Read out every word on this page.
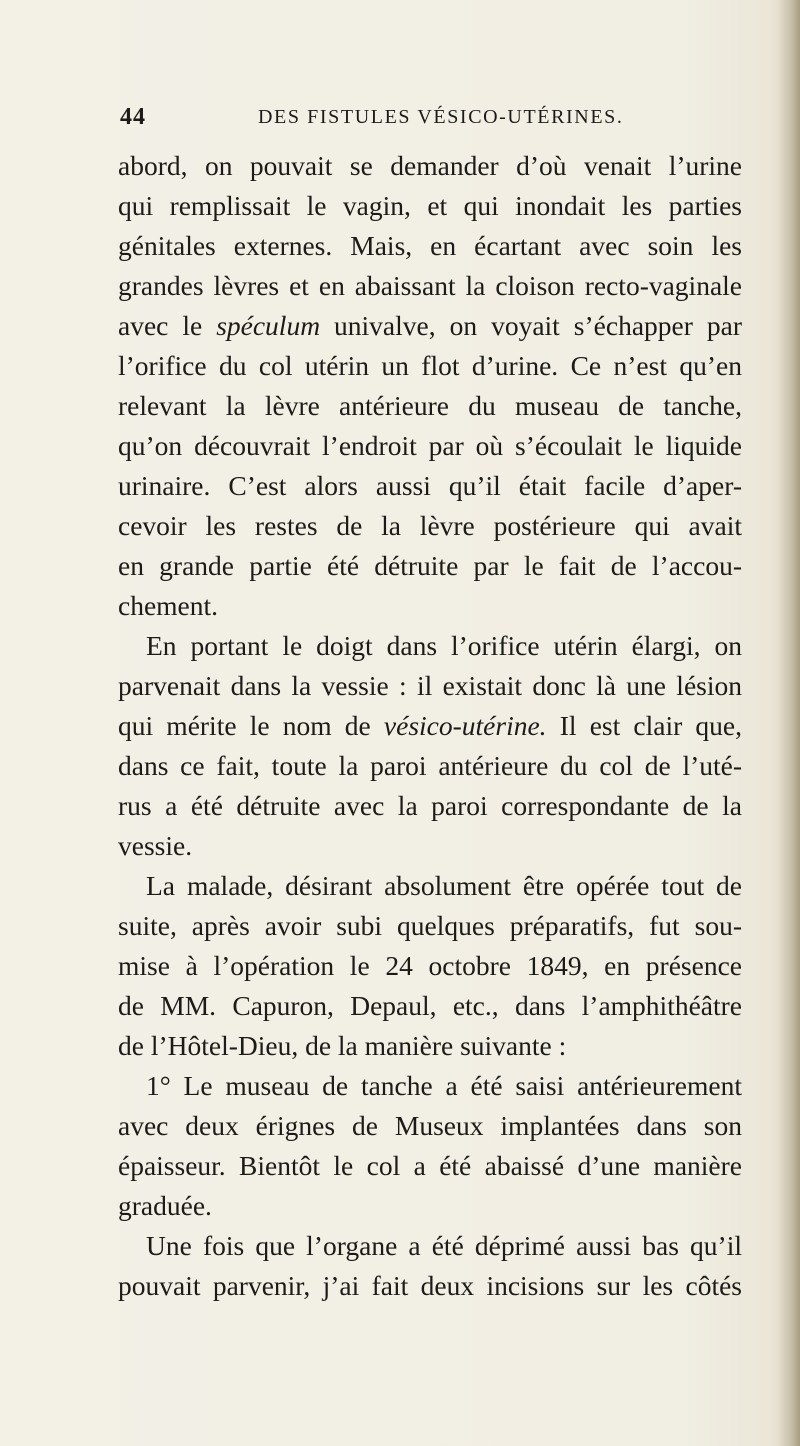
44	DES FISTULES VÉSICO-UTÉRINES.
abord, on pouvait se demander d’où venait l’urine
qui remplissait le vagin, et qui inondait les parties
génitales externes. Mais, en écartant avec soin les
grandes lèvres et en abaissant la cloison recto-vaginale
avec le spéculum univalve, on voyait s’échapper par
l’orifice du col utérin un flot d’urine. Ce n’est qu’en
relevant la lèvre antérieure du museau de tanche,
qu’on découvrait l’endroit par où s’écoulait le liquide
urinaire. C’est alors aussi qu’il était facile d’aper-
cevoir les restes de la lèvre postérieure qui avait
en grande partie été détruite par le fait de l’accou-
chement.
En portant le doigt dans l’orifice utérin élargi, on
parvenait dans la vessie : il existait donc là une lésion
qui mérite le nom de vésico-utérine. Il est clair que,
dans ce fait, toute la paroi antérieure du col de l’uté-
rus a été détruite avec la paroi correspondante de la
vessie.
La malade, désirant absolument être opérée tout de
suite, après avoir subi quelques préparatifs, fut sou-
mise à l’opération le 24 octobre 1849, en présence
de MM. Capuron, Depaul, etc., dans l’amphithéâtre
de l’Hôtel-Dieu, de la manière suivante :
1° Le museau de tanche a été saisi antérieurement
avec deux érignes de Museux implantées dans son
épaisseur. Bientôt le col a été abaissé d’une manière
graduée.
Une fois que l’organe a été déprimé aussi bas qu’il
pouvait parvenir, j’ai fait deux incisions sur les côtés
